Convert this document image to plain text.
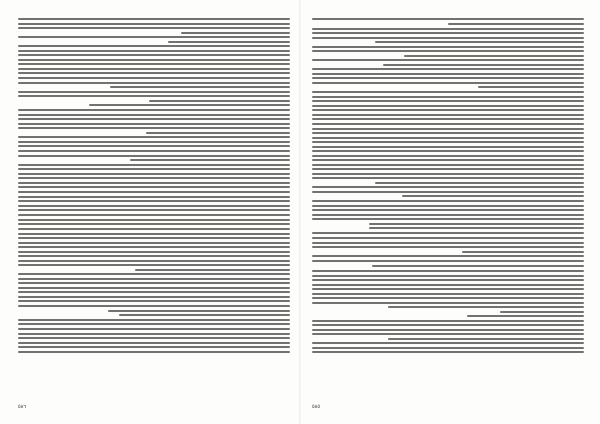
٥٨٥
٥٨٦
